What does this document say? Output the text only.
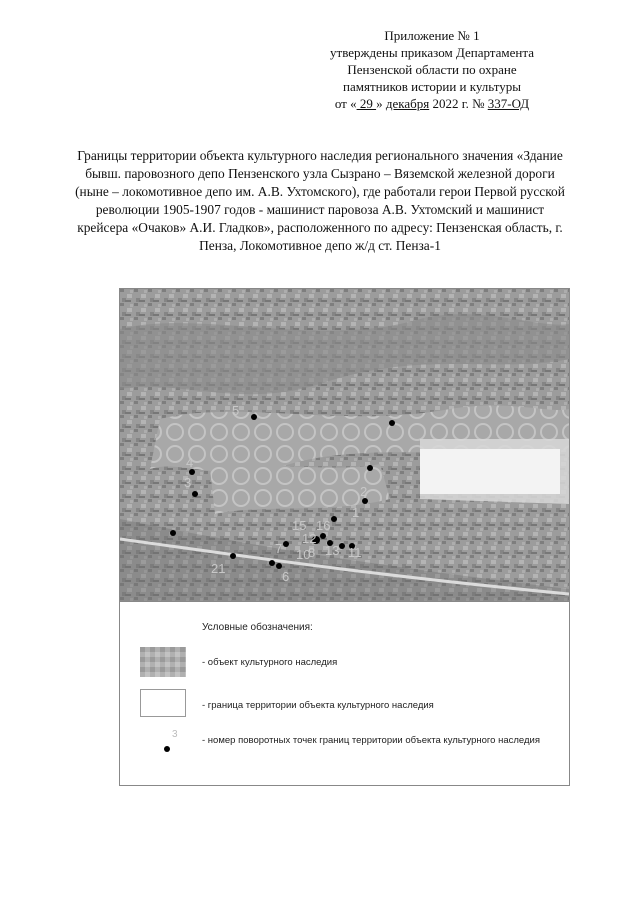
Приложение № 1
утверждены приказом Департамента
Пензенской области по охране
памятников истории и культуры
от « 29 » декабря 2022 г. № 337-ОД
Границы территории объекта культурного наследия регионального значения «Здание бывш. паровозного депо Пензенского узла Сызрано – Вяземской железной дороги (ныне – локомотивное депо им. А.В. Ухтомского), где работали герои Первой русской революции 1905-1907 годов - машинист паровоза А.В. Ухтомский и машинист крейсера «Очаков» А.И. Гладков», расположенного по адресу: Пензенская область, г. Пенза, Локомотивное депо ж/д ст. Пенза-1
5
4
3
2
1
15 16
13 11
8
7 10
12
21
6
Условные обозначения:
- объект культурного наследия
- граница территории объекта культурного наследия
3
- номер поворотных точек границ территории объекта культурного наследия
